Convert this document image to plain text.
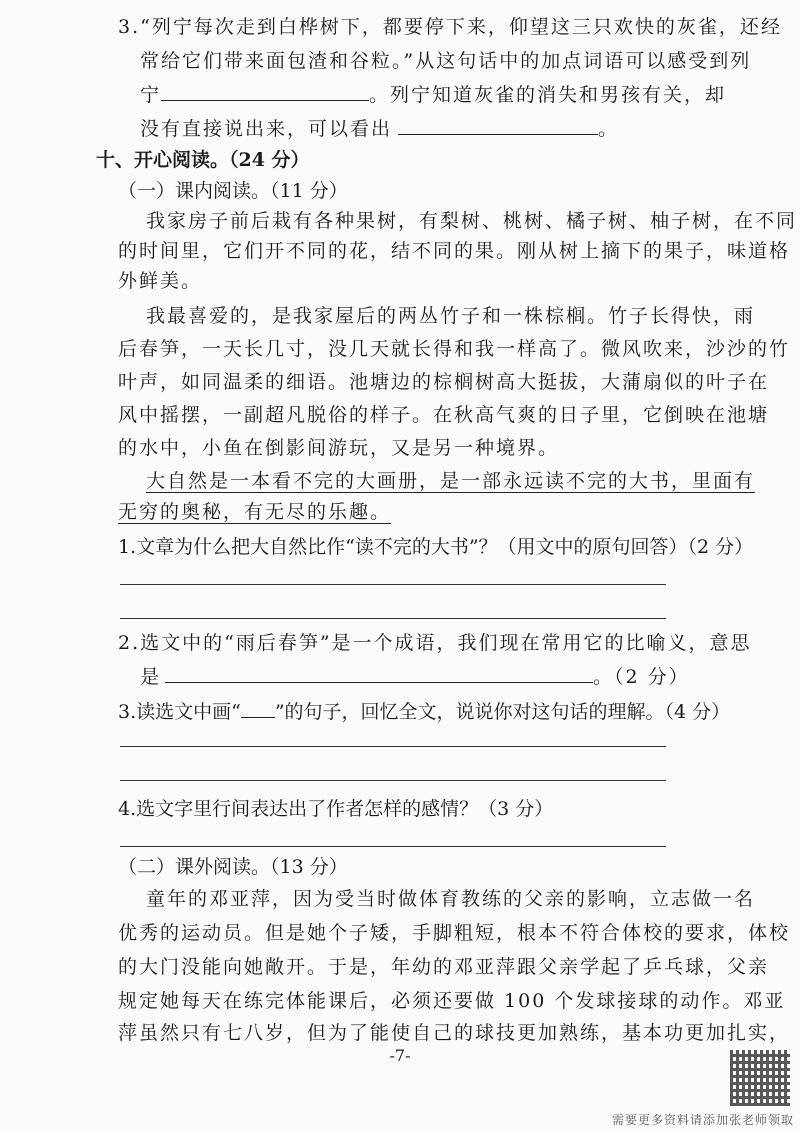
3.“列宁每次走到白桦树下，都要停下来，仰望这三只欢快的灰雀，还经
常给它们带来面包渣和谷粒。”从这句话中的加点词语可以感受到列
宁	。列宁知道灰雀的消失和男孩有关，却
没有直接说出来，可以看出	。
十、开心阅读。（24 分）
（一）课内阅读。（11 分）
我家房子前后栽有各种果树，有梨树、桃树、橘子树、柚子树，在不同
的时间里，它们开不同的花，结不同的果。刚从树上摘下的果子，味道格
外鲜美。
我最喜爱的，是我家屋后的两丛竹子和一株棕榈。竹子长得快，雨
后春笋，一天长几寸，没几天就长得和我一样高了。微风吹来，沙沙的竹
叶声，如同温柔的细语。池塘边的棕榈树高大挺拔，大蒲扇似的叶子在
风中摇摆，一副超凡脱俗的样子。在秋高气爽的日子里，它倒映在池塘
的水中，小鱼在倒影间游玩，又是另一种境界。
大自然是一本看不完的大画册，是一部永远读不完的大书，里面有
无穷的奥秘，有无尽的乐趣。
1.文章为什么把大自然比作“读不完的大书”？（用文中的原句回答）（2 分）
2.选文中的“雨后春笋”是一个成语，我们现在常用它的比喻义，意思
是	。（2 分）
3.读选文中画“ ”的句子，回忆全文，说说你对这句话的理解。（4 分）
4.选文字里行间表达出了作者怎样的感情？（3 分）
（二）课外阅读。（13 分）
童年的邓亚萍，因为受当时做体育教练的父亲的影响，立志做一名
优秀的运动员。但是她个子矮，手脚粗短，根本不符合体校的要求，体校
的大门没能向她敞开。于是，年幼的邓亚萍跟父亲学起了乒乓球，父亲
规定她每天在练完体能课后，必须还要做 100 个发球接球的动作。邓亚
萍虽然只有七八岁，但为了能使自己的球技更加熟练，基本功更加扎实，
-7-
需要更多资料请添加张老师领取
